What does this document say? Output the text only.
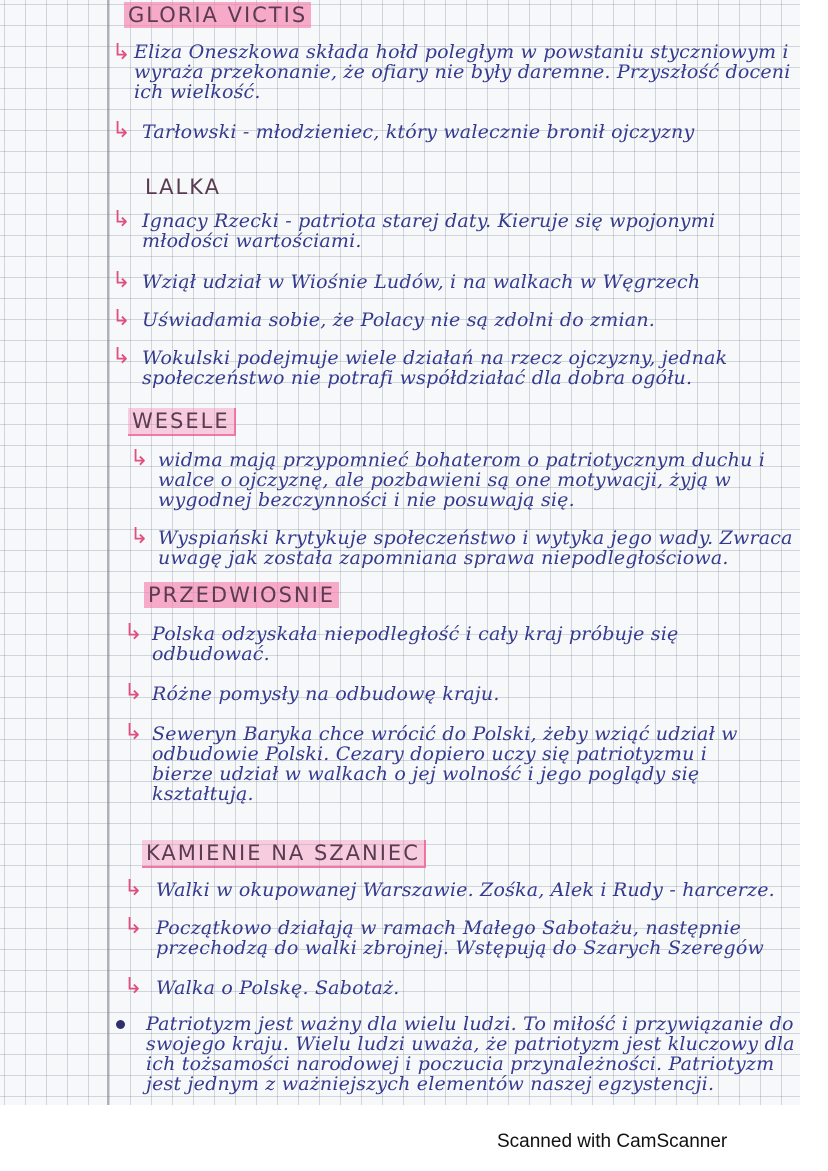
GLORIA VICTIS
↳ Eliza Oneszkowa składa hołd poległym w powstaniu styczniowym i wyraża przekonanie, że ofiary nie były daremne. Przyszłość doceni ich wielkość.

↳ Tarłowski - młodzieniec, który walecznie bronił ojczyzny

LALKA
↳ Ignacy Rzecki - patriota starej daty. Kieruje się wpojonymi młodości wartościami.

↳ Wziął udział w Wiośnie Ludów, i na walkach w Węgrzech

↳ Uświadamia sobie, że Polacy nie są zdolni do zmian.

↳ Wokulski podejmuje wiele działań na rzecz ojczyzny, jednak społeczeństwo nie potrafi współdziałać dla dobra ogółu.

WESELE
↳ widma mają przypomnieć bohaterom o patriotycznym duchu i walce o ojczyznę, ale pozbawieni są one motywacji, żyją w wygodnej bezczynności i nie posuwają się.

↳ Wyspiański krytykuje społeczeństwo i wytyka jego wady. Zwraca uwagę jak została zapomniana sprawa niepodległościowa.

PRZEDWIOSNIE
↳ Polska odzyskała niepodległość i cały kraj próbuje się odbudować.

↳ Różne pomysły na odbudowę kraju.

↳ Seweryn Baryka chce wrócić do Polski, żeby wziąć udział w odbudowie Polski. Cezary dopiero uczy się patriotyzmu i bierze udział w walkach o jej wolność i jego poglądy się kształtują.

KAMIENIE NA SZANIEC
↳ Walki w okupowanej Warszawie. Zośka, Alek i Rudy - harcerze.

↳ Początkowo działają w ramach Małego Sabotażu, następnie przechodzą do walki zbrojnej. Wstępują do Szarych Szeregów

↳ Walka o Polskę. Sabotaż.

Patriotyzm jest ważny dla wielu ludzi. To miłość i przywiązanie do swojego kraju. Wielu ludzi uważa, że patriotyzm jest kluczowy dla ich tożsamości narodowej i poczucia przynależności. Patriotyzm jest jednym z ważniejszych elementów naszej egzystencji.

Scanned with CamScanner
